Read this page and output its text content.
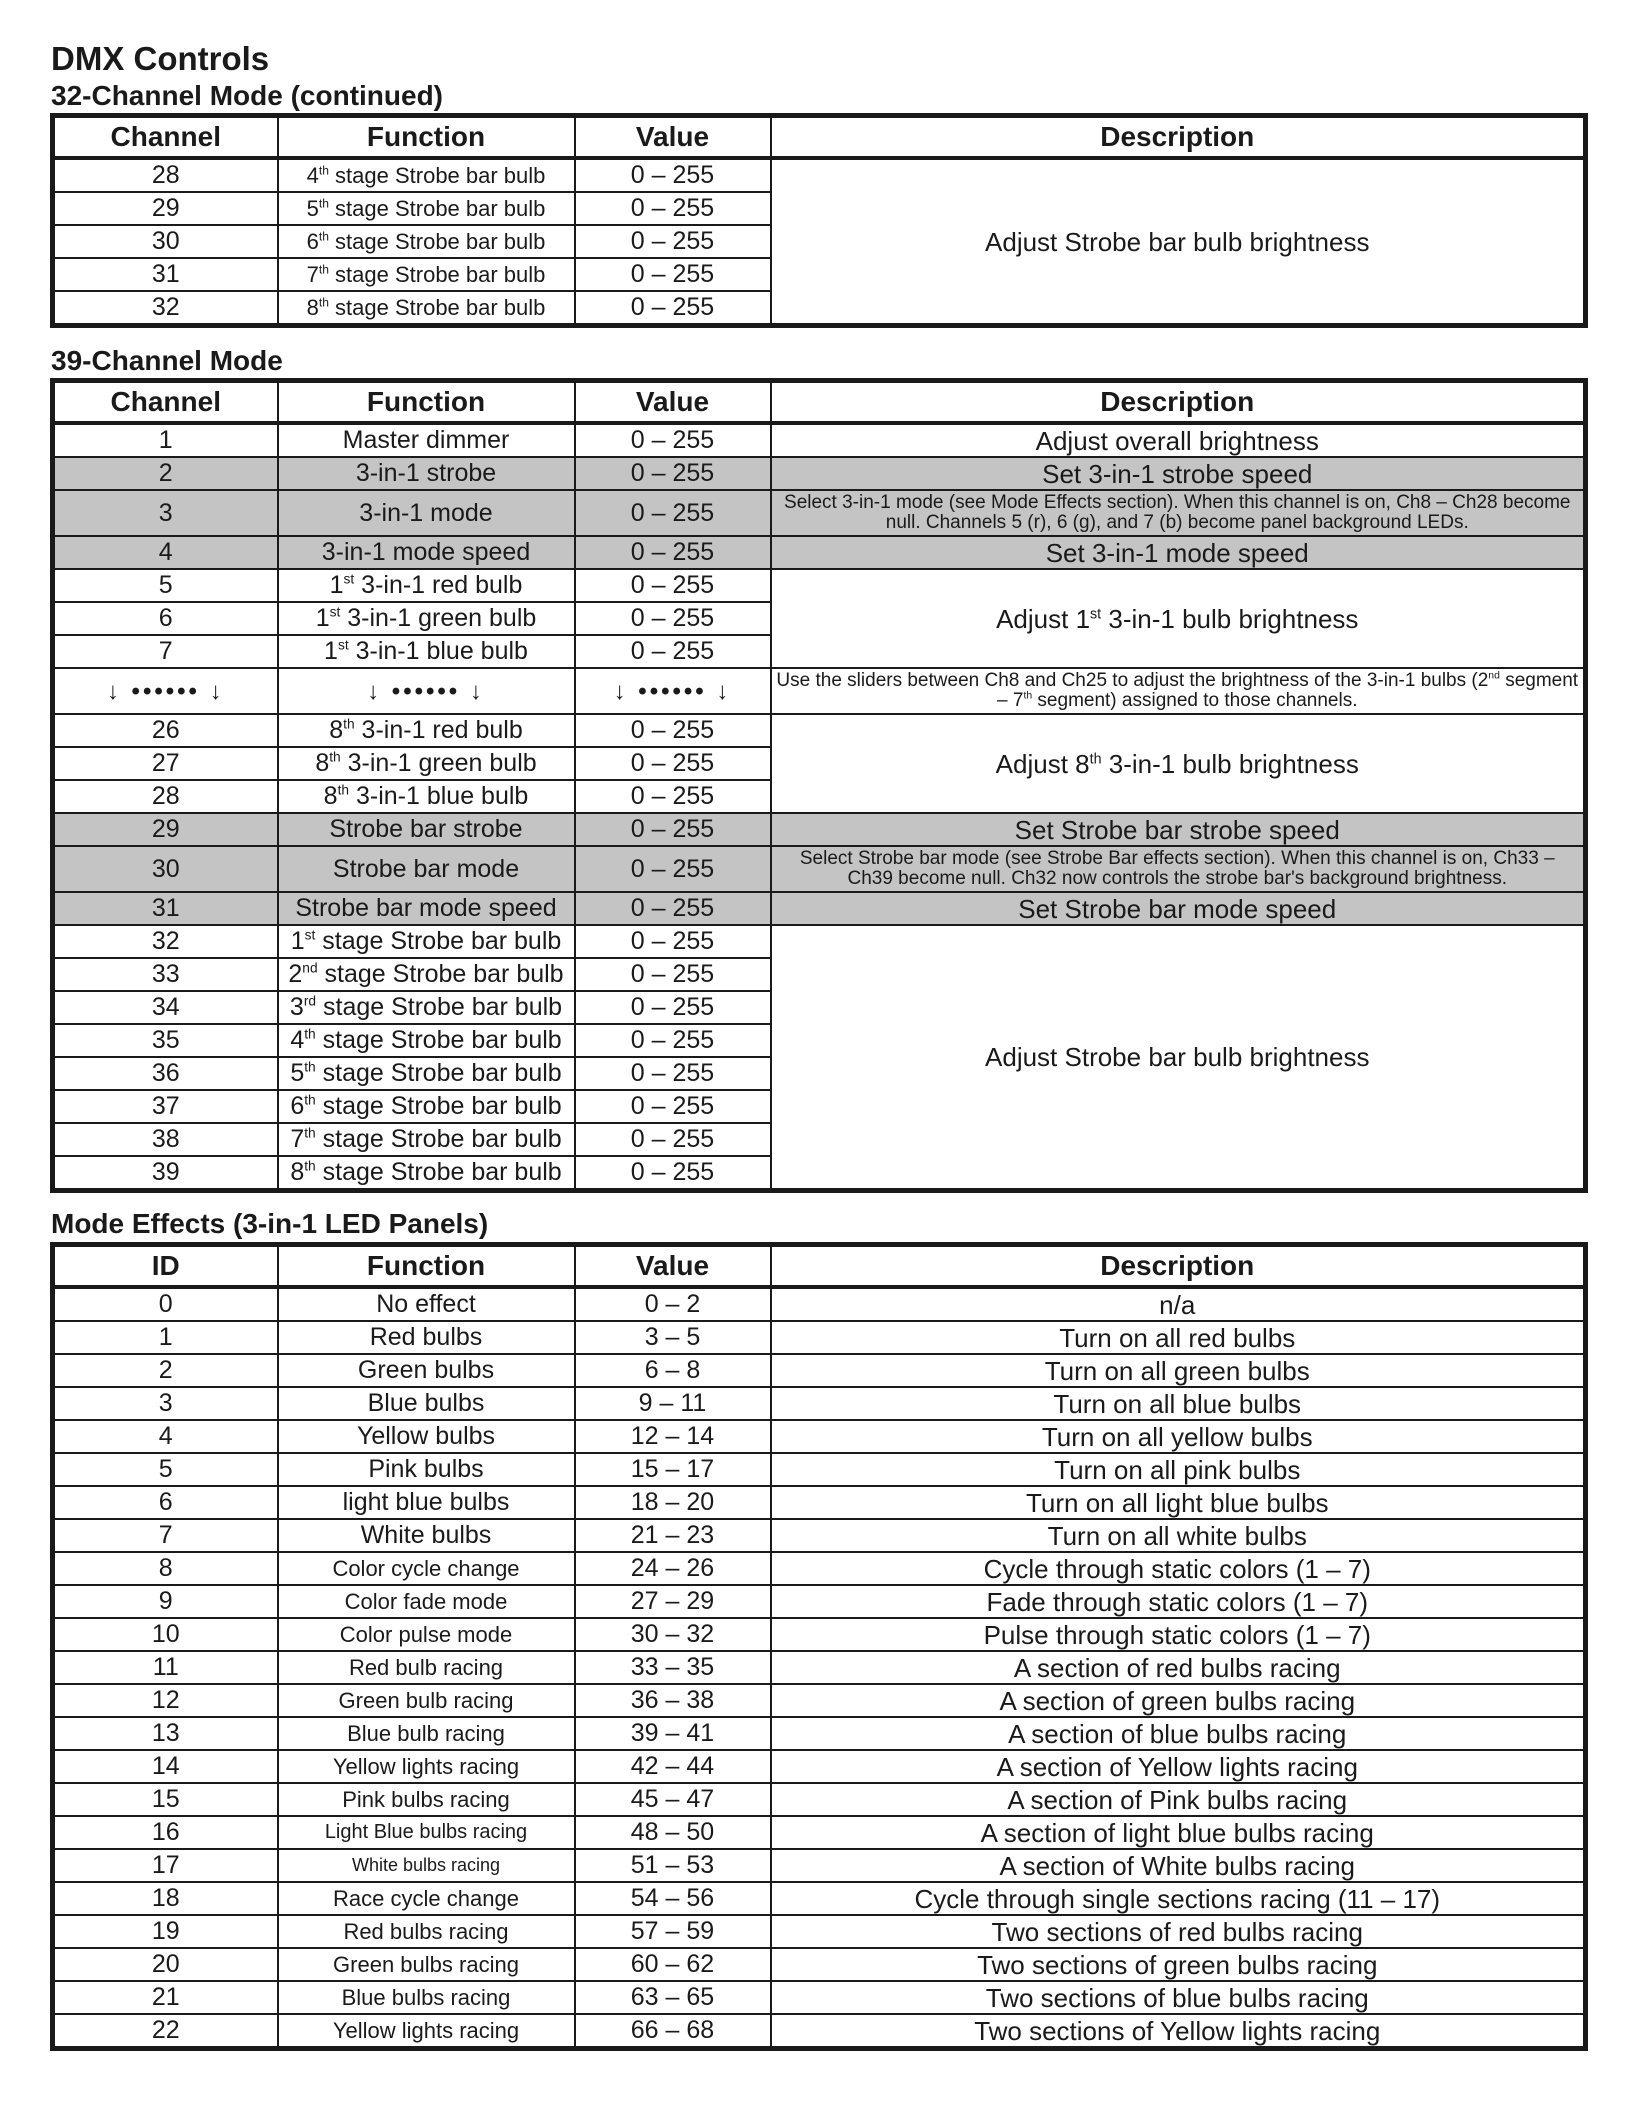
DMX Controls
32-Channel Mode (continued)
Channel	Function	Value	Description
28	4th stage Strobe bar bulb	0 – 255	Adjust Strobe bar bulb brightness
29	5th stage Strobe bar bulb	0 – 255	
30	6th stage Strobe bar bulb	0 – 255	
31	7th stage Strobe bar bulb	0 – 255	
32	8th stage Strobe bar bulb	0 – 255	
39-Channel Mode
Channel	Function	Value	Description
1	Master dimmer	0 – 255	Adjust overall brightness
2	3-in-1 strobe	0 – 255	Set 3-in-1 strobe speed
3	3-in-1 mode	0 – 255	Select 3-in-1 mode (see Mode Effects section). When this channel is on, Ch8 – Ch28 become null. Channels 5 (r), 6 (g), and 7 (b) become panel background LEDs.
4	3-in-1 mode speed	0 – 255	Set 3-in-1 mode speed
5	1st 3-in-1 red bulb	0 – 255	Adjust 1st 3-in-1 bulb brightness
6	1st 3-in-1 green bulb	0 – 255	
7	1st 3-in-1 blue bulb	0 – 255	
↓ •••••• ↓	↓ •••••• ↓	↓ •••••• ↓	Use the sliders between Ch8 and Ch25 to adjust the brightness of the 3-in-1 bulbs (2nd segment – 7th segment) assigned to those channels.
26	8th 3-in-1 red bulb	0 – 255	Adjust 8th 3-in-1 bulb brightness
27	8th 3-in-1 green bulb	0 – 255	
28	8th 3-in-1 blue bulb	0 – 255	
29	Strobe bar strobe	0 – 255	Set Strobe bar strobe speed
30	Strobe bar mode	0 – 255	Select Strobe bar mode (see Strobe Bar effects section). When this channel is on, Ch33 – Ch39 become null. Ch32 now controls the strobe bar's background brightness.
31	Strobe bar mode speed	0 – 255	Set Strobe bar mode speed
32	1st stage Strobe bar bulb	0 – 255	Adjust Strobe bar bulb brightness
33	2nd stage Strobe bar bulb	0 – 255	
34	3rd stage Strobe bar bulb	0 – 255	
35	4th stage Strobe bar bulb	0 – 255	
36	5th stage Strobe bar bulb	0 – 255	
37	6th stage Strobe bar bulb	0 – 255	
38	7th stage Strobe bar bulb	0 – 255	
39	8th stage Strobe bar bulb	0 – 255	
Mode Effects (3-in-1 LED Panels)
ID	Function	Value	Description
0	No effect	0 – 2	n/a
1	Red bulbs	3 – 5	Turn on all red bulbs
2	Green bulbs	6 – 8	Turn on all green bulbs
3	Blue bulbs	9 – 11	Turn on all blue bulbs
4	Yellow bulbs	12 – 14	Turn on all yellow bulbs
5	Pink bulbs	15 – 17	Turn on all pink bulbs
6	light blue bulbs	18 – 20	Turn on all light blue bulbs
7	White bulbs	21 – 23	Turn on all white bulbs
8	Color cycle change	24 – 26	Cycle through static colors (1 – 7)
9	Color fade mode	27 – 29	Fade through static colors (1 – 7)
10	Color pulse mode	30 – 32	Pulse through static colors (1 – 7)
11	Red bulb racing	33 – 35	A section of red bulbs racing
12	Green bulb racing	36 – 38	A section of green bulbs racing
13	Blue bulb racing	39 – 41	A section of blue bulbs racing
14	Yellow lights racing	42 – 44	A section of Yellow lights racing
15	Pink bulbs racing	45 – 47	A section of Pink bulbs racing
16	Light Blue bulbs racing	48 – 50	A section of light blue bulbs racing
17	White bulbs racing	51 – 53	A section of White bulbs racing
18	Race cycle change	54 – 56	Cycle through single sections racing (11 – 17)
19	Red bulbs racing	57 – 59	Two sections of red bulbs racing
20	Green bulbs racing	60 – 62	Two sections of green bulbs racing
21	Blue bulbs racing	63 – 65	Two sections of blue bulbs racing
22	Yellow lights racing	66 – 68	Two sections of Yellow lights racing
